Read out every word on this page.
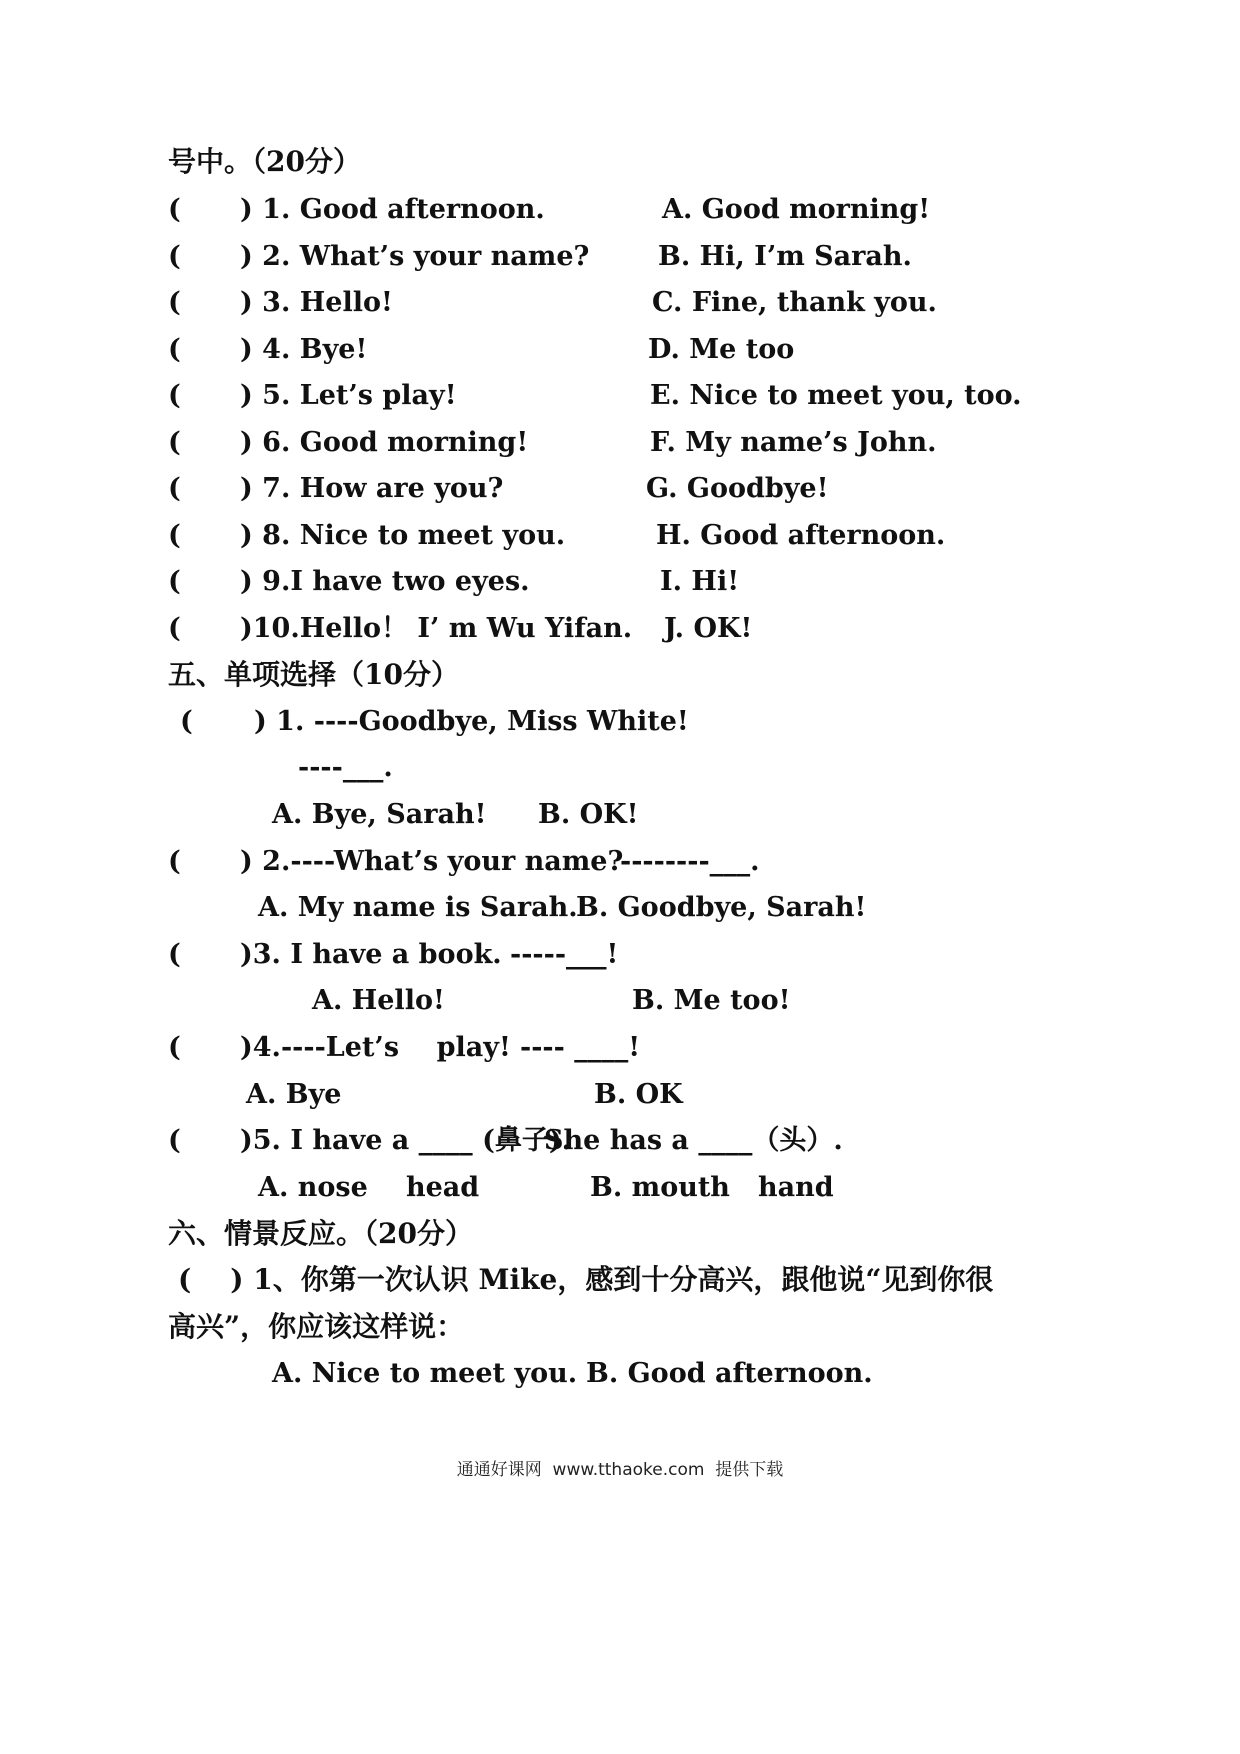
号中。（20分）
( ) 1. Good afternoon.	A. Good morning!
( ) 2. What’s your name?	B. Hi, I’m Sarah.
( ) 3. Hello!	C. Fine, thank you.
( ) 4. Bye!	D. Me too
( ) 5. Let’s play!	E. Nice to meet you, too.
( ) 6. Good morning!	F. My name’s John.
( ) 7. How are you?	G. Goodbye!
( ) 8. Nice to meet you.	H. Good afternoon.
( ) 9.I have two eyes.	I. Hi!
( )10.Hello！ I’ m Wu Yifan. J. OK!
五、单项选择（10分）
( ) 1. ----Goodbye, Miss White!
----___.
A. Bye, Sarah! B. OK!
( ) 2.----What’s your name?
--------___.
A. My name is Sarah.
B. Goodbye, Sarah!
( )3. I have a book. -----___!
A. Hello!	B. Me too!
( )4.----Let’s    play! ---- ____!
A. Bye	B. OK
( )5. I have a ____ (鼻子).
She has a ____（头）.
A. nose head	B. mouth hand
六、情景反应。（20分）
(    ) 1、你第一次认识 Mike，感到十分高兴，跟他说“见到你很
高兴”，你应该这样说：
A. Nice to meet you. B. Good afternoon.
通通好课网  www.tthaoke.com  提供下载
